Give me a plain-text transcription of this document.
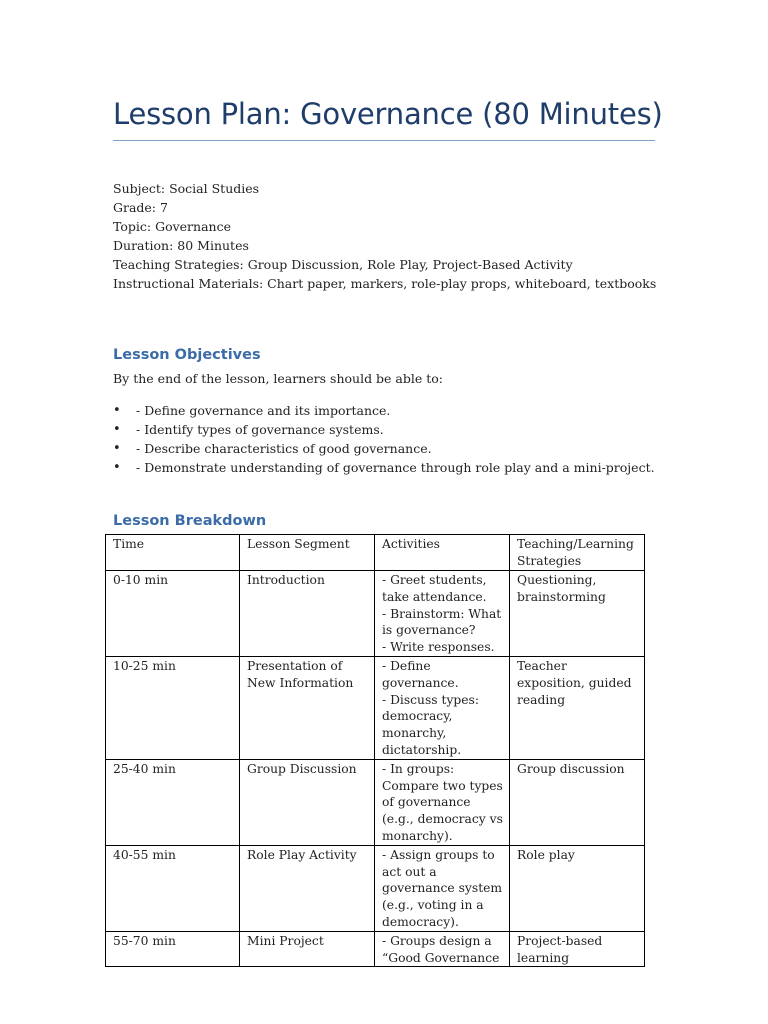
Lesson Plan: Governance (80 Minutes)
Subject: Social Studies
Grade: 7
Topic: Governance
Duration: 80 Minutes
Teaching Strategies: Group Discussion, Role Play, Project-Based Activity
Instructional Materials: Chart paper, markers, role-play props, whiteboard, textbooks
Lesson Objectives
By the end of the lesson, learners should be able to:
• - Define governance and its importance.
• - Identify types of governance systems.
• - Describe characteristics of good governance.
• - Demonstrate understanding of governance through role play and a mini-project.
Lesson Breakdown
Time	Lesson Segment	Activities	Teaching/Learning Strategies
0-10 min	Introduction	- Greet students, take attendance.
- Brainstorm: What is governance?
- Write responses.	Questioning, brainstorming
10-25 min	Presentation of New Information	- Define governance.
- Discuss types: democracy, monarchy, dictatorship.	Teacher exposition, guided reading
25-40 min	Group Discussion	- In groups: Compare two types of governance (e.g., democracy vs monarchy).	Group discussion
40-55 min	Role Play Activity	- Assign groups to act out a governance system (e.g., voting in a democracy).	Role play
55-70 min	Mini Project	- Groups design a “Good Governance	Project-based learning
